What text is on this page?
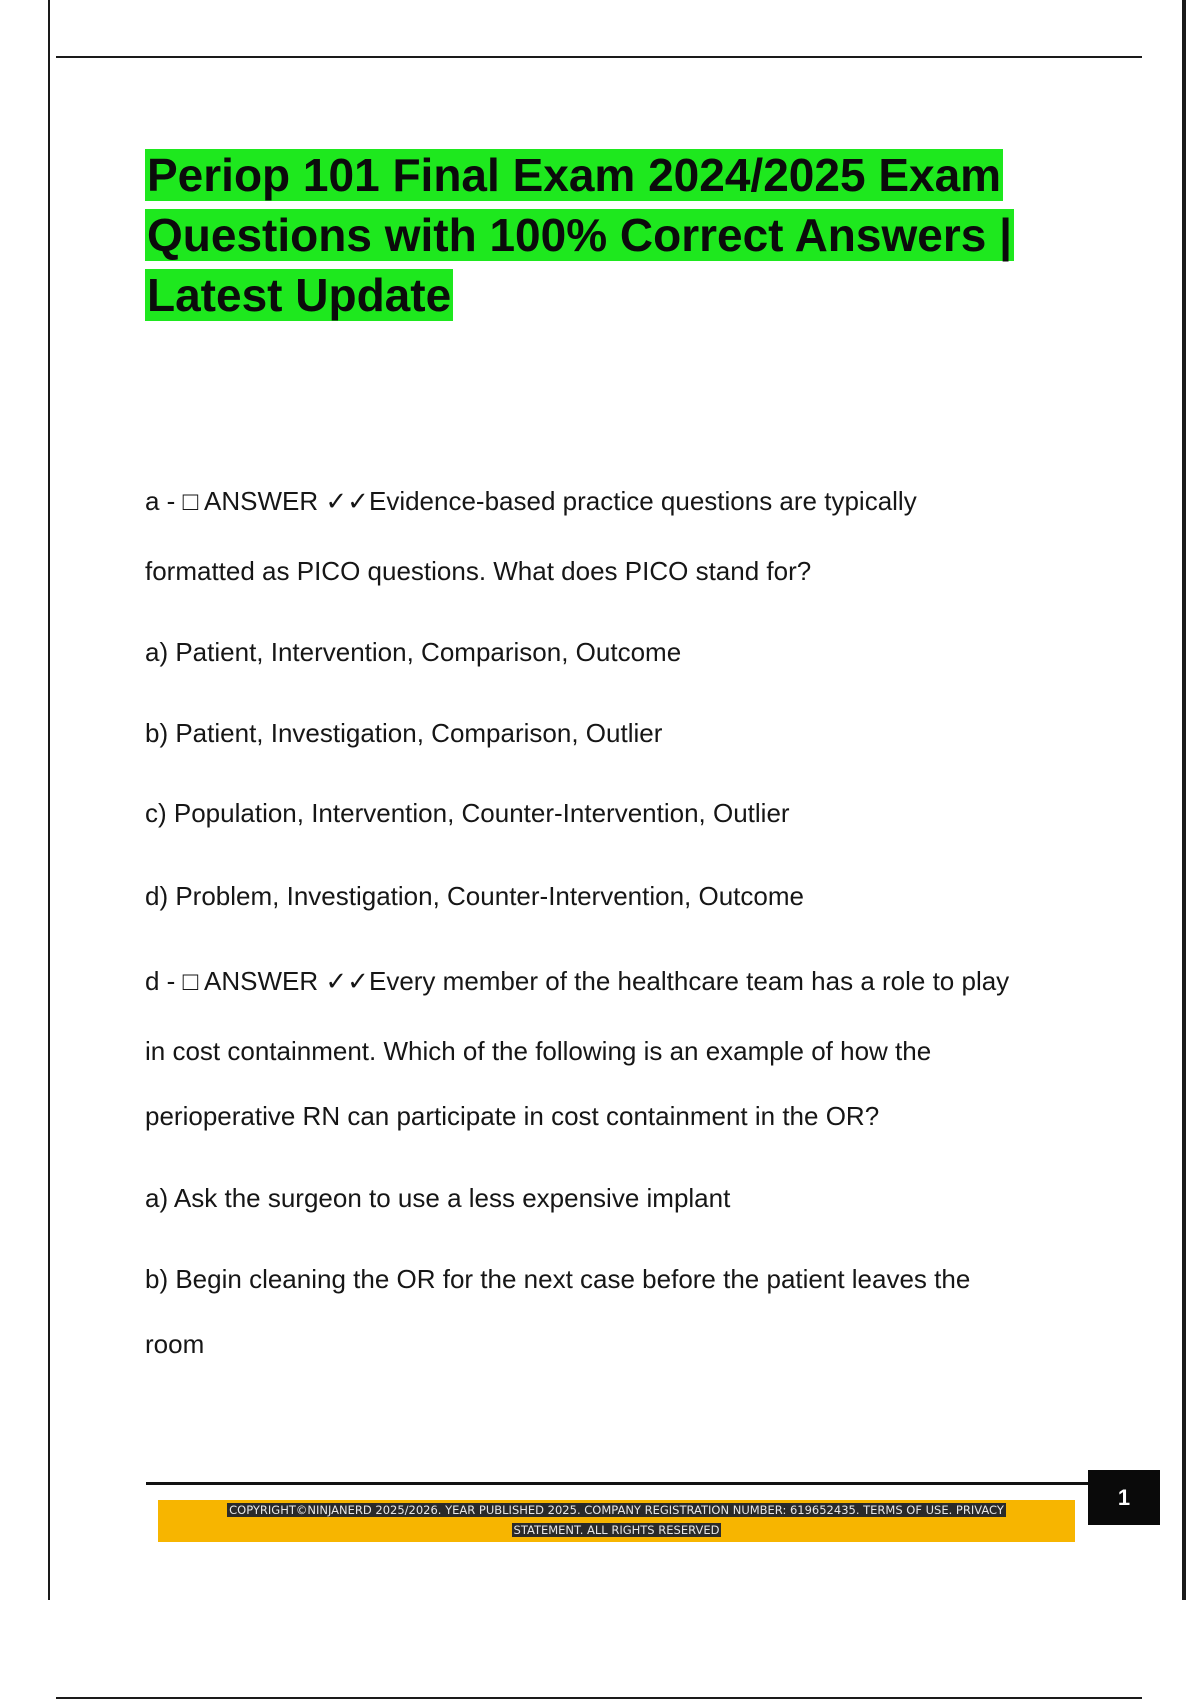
Periop 101 Final Exam 2024/2025 Exam
Questions with 100% Correct Answers |
Latest Update
a - □ ANSWER ✓✓Evidence-based practice questions are typically
formatted as PICO questions. What does PICO stand for?
a) Patient, Intervention, Comparison, Outcome
b) Patient, Investigation, Comparison, Outlier
c) Population, Intervention, Counter-Intervention, Outlier
d) Problem, Investigation, Counter-Intervention, Outcome
d - □ ANSWER ✓✓Every member of the healthcare team has a role to play
in cost containment. Which of the following is an example of how the
perioperative RN can participate in cost containment in the OR?
a) Ask the surgeon to use a less expensive implant
b) Begin cleaning the OR for the next case before the patient leaves the
room
1
COPYRIGHT©NINJANERD 2025/2026. YEAR PUBLISHED 2025. COMPANY REGISTRATION NUMBER: 619652435. TERMS OF USE. PRIVACY
STATEMENT. ALL RIGHTS RESERVED
